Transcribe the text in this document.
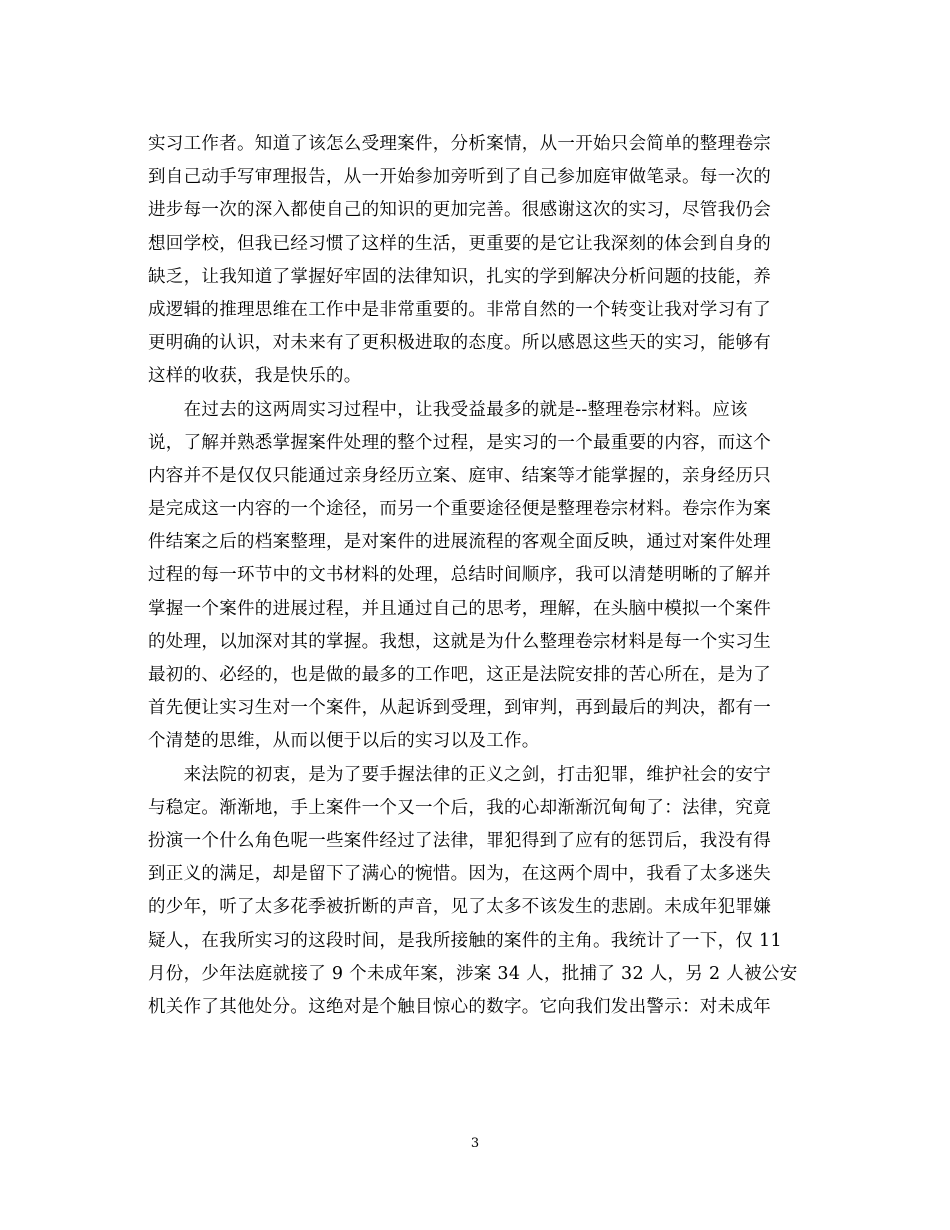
实习工作者。知道了该怎么受理案件，分析案情，从一开始只会简单的整理卷宗
到自己动手写审理报告，从一开始参加旁听到了自己参加庭审做笔录。每一次的
进步每一次的深入都使自己的知识的更加完善。很感谢这次的实习，尽管我仍会
想回学校，但我已经习惯了这样的生活，更重要的是它让我深刻的体会到自身的
缺乏，让我知道了掌握好牢固的法律知识，扎实的学到解决分析问题的技能，养
成逻辑的推理思维在工作中是非常重要的。非常自然的一个转变让我对学习有了
更明确的认识，对未来有了更积极进取的态度。所以感恩这些天的实习，能够有
这样的收获，我是快乐的。
　　在过去的这两周实习过程中，让我受益最多的就是--整理卷宗材料。应该
说，了解并熟悉掌握案件处理的整个过程，是实习的一个最重要的内容，而这个
内容并不是仅仅只能通过亲身经历立案、庭审、结案等才能掌握的，亲身经历只
是完成这一内容的一个途径，而另一个重要途径便是整理卷宗材料。卷宗作为案
件结案之后的档案整理，是对案件的进展流程的客观全面反映，通过对案件处理
过程的每一环节中的文书材料的处理，总结时间顺序，我可以清楚明晰的了解并
掌握一个案件的进展过程，并且通过自己的思考，理解，在头脑中模拟一个案件
的处理，以加深对其的掌握。我想，这就是为什么整理卷宗材料是每一个实习生
最初的、必经的，也是做的最多的工作吧，这正是法院安排的苦心所在，是为了
首先便让实习生对一个案件，从起诉到受理，到审判，再到最后的判决，都有一
个清楚的思维，从而以便于以后的实习以及工作。
　　来法院的初衷，是为了要手握法律的正义之剑，打击犯罪，维护社会的安宁
与稳定。渐渐地，手上案件一个又一个后，我的心却渐渐沉甸甸了：法律，究竟
扮演一个什么角色呢一些案件经过了法律，罪犯得到了应有的惩罚后，我没有得
到正义的满足，却是留下了满心的惋惜。因为，在这两个周中，我看了太多迷失
的少年，听了太多花季被折断的声音，见了太多不该发生的悲剧。未成年犯罪嫌
疑人，在我所实习的这段时间，是我所接触的案件的主角。我统计了一下，仅 11
月份，少年法庭就接了 9 个未成年案，涉案 34 人，批捕了 32 人，另 2 人被公安
机关作了其他处分。这绝对是个触目惊心的数字。它向我们发出警示：对未成年
3
